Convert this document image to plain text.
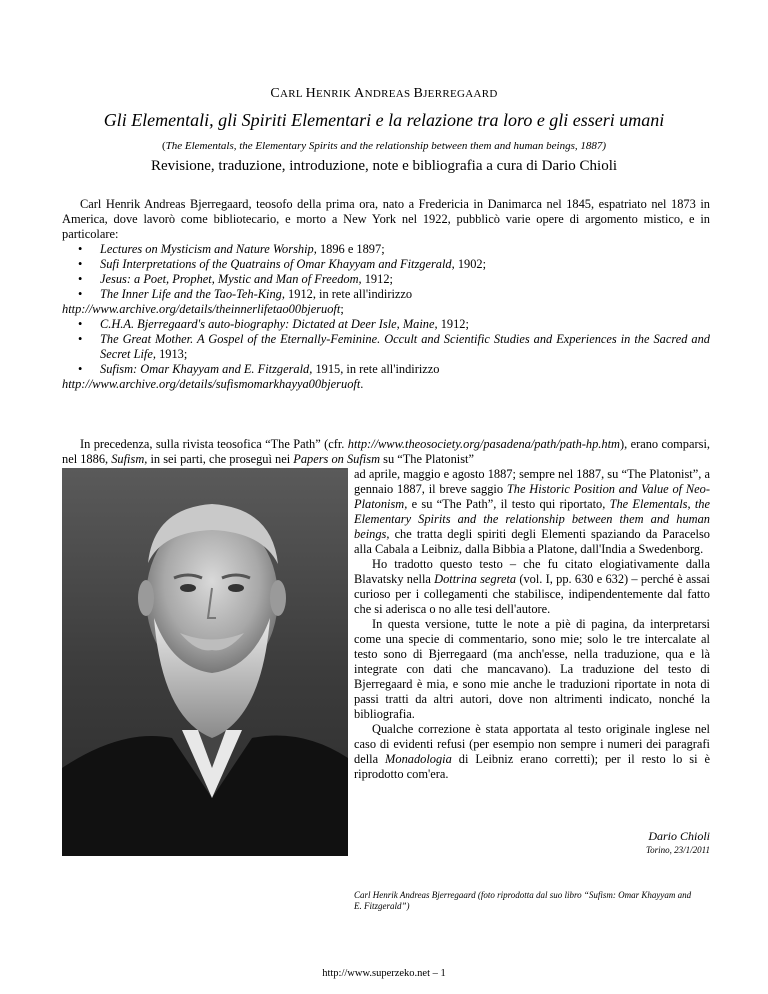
CARL HENRIK ANDREAS BJERREGAARD
Gli Elementali, gli Spiriti Elementari e la relazione tra loro e gli esseri umani
(The Elementals, the Elementary Spirits and the relationship between them and human beings, 1887)
Revisione, traduzione, introduzione, note e bibliografia a cura di Dario Chioli
Carl Henrik Andreas Bjerregaard, teosofo della prima ora, nato a Fredericia in Danimarca nel 1845, espatriato nel 1873 in America, dove lavorò come bibliotecario, e morto a New York nel 1922, pubblicò varie opere di argomento mistico, e in particolare:
• Lectures on Mysticism and Nature Worship, 1896 e 1897;
• Sufi Interpretations of the Quatrains of Omar Khayyam and Fitzgerald, 1902;
• Jesus: a Poet, Prophet, Mystic and Man of Freedom, 1912;
• The Inner Life and the Tao-Teh-King, 1912, in rete all'indirizzo
http://www.archive.org/details/theinnerlifetao00bjeruoft;
• C.H.A. Bjerregaard's auto-biography: Dictated at Deer Isle, Maine, 1912;
• The Great Mother. A Gospel of the Eternally-Feminine. Occult and Scientific Studies and Experiences in the Sacred and Secret Life, 1913;
• Sufism: Omar Khayyam and E. Fitzgerald, 1915, in rete all'indirizzo
http://www.archive.org/details/sufismomarkhayya00bjeruoft.
In precedenza, sulla rivista teosofica “The Path” (cfr. http://www.theosociety.org/pasadena/path/path-hp.htm), erano comparsi, nel 1886, Sufism, in sei parti, che proseguì nei Papers on Sufism su “The Platonist”

ad aprile, maggio e agosto 1887; sempre nel 1887, su “The Platonist”, a gennaio 1887, il breve saggio The Historic Position and Value of Neo-Platonism, e su “The Path”, il testo qui riportato, The Elementals, the Elementary Spirits and the relationship between them and human beings, che tratta degli spiriti degli Elementi spaziando da Paracelso alla Cabala a Leibniz, dalla Bibbia a Platone, dall'India a Swedenborg.

Ho tradotto questo testo – che fu citato elogiativamente dalla Blavatsky nella Dottrina segreta (vol. I, pp. 630 e 632) – perché è assai curioso per i collegamenti che stabilisce, indipendentemente dal fatto che si aderisca o no alle tesi dell'autore.

In questa versione, tutte le note a piè di pagina, da interpretarsi come una specie di commentario, sono mie; solo le tre intercalate al testo sono di Bjerregaard (ma anch'esse, nella traduzione, qua e là integrate con dati che mancavano). La traduzione del testo di Bjerregaard è mia, e sono mie anche le traduzioni riportate in nota di passi tratti da altri autori, dove non altrimenti indicato, nonché la bibliografia.

Qualche correzione è stata apportata al testo originale inglese nel caso di evidenti refusi (per esempio non sempre i numeri dei paragrafi della Monadologia di Leibniz erano corretti); per il resto lo si è riprodotto com'era.

Dario Chioli
Torino, 23/1/2011
Carl Henrik Andreas Bjerregaard (foto riprodotta dal suo libro “Sufism: Omar Khayyam and E. Fitzgerald”)
http://www.superzeko.net – 1
